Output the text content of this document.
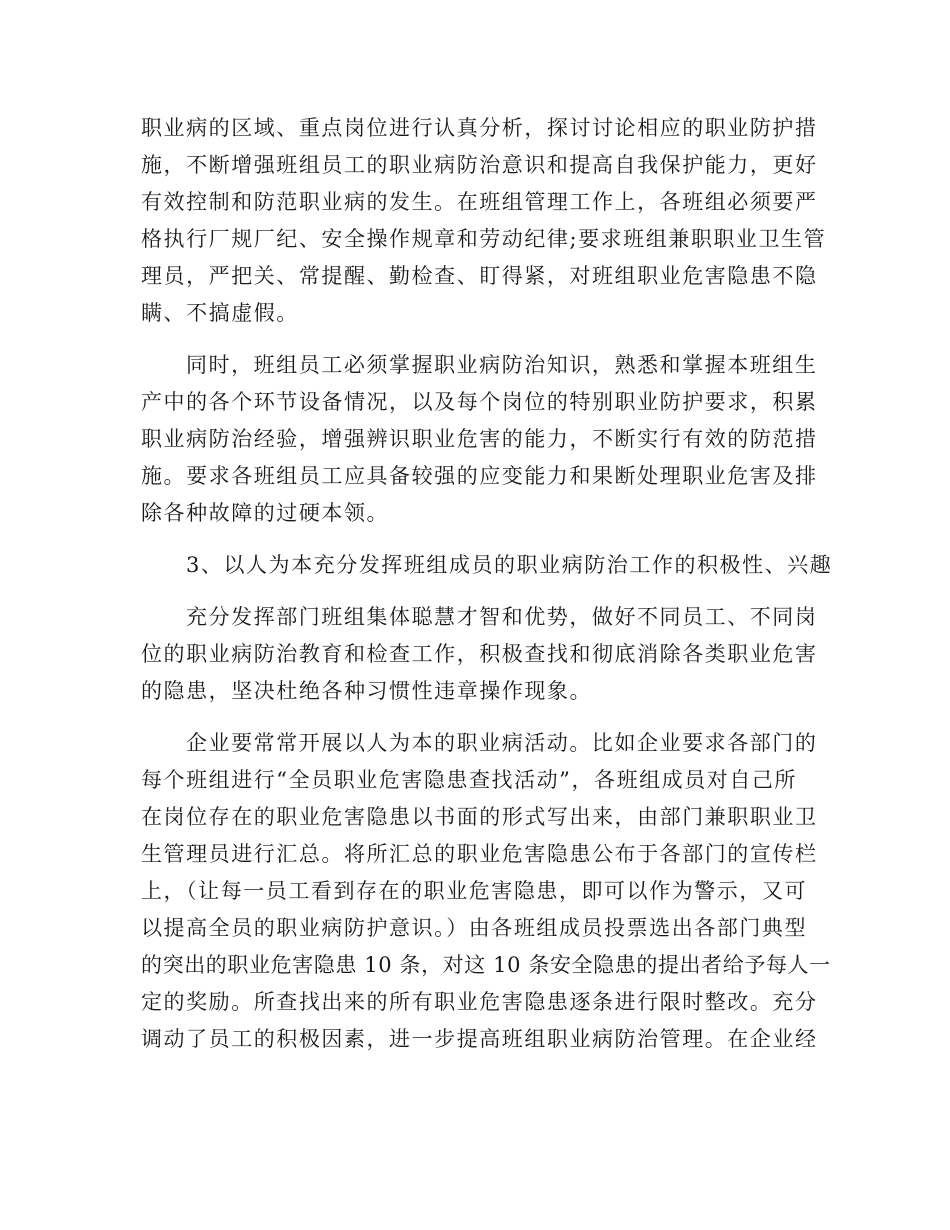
职业病的区域、重点岗位进行认真分析，探讨讨论相应的职业防护措
施，不断增强班组员工的职业病防治意识和提高自我保护能力，更好
有效控制和防范职业病的发生。在班组管理工作上，各班组必须要严
格执行厂规厂纪、安全操作规章和劳动纪律;要求班组兼职职业卫生管
理员，严把关、常提醒、勤检查、盯得紧，对班组职业危害隐患不隐
瞒、不搞虚假。
同时，班组员工必须掌握职业病防治知识，熟悉和掌握本班组生
产中的各个环节设备情况，以及每个岗位的特别职业防护要求，积累
职业病防治经验，增强辨识职业危害的能力，不断实行有效的防范措
施。要求各班组员工应具备较强的应变能力和果断处理职业危害及排
除各种故障的过硬本领。
3、以人为本充分发挥班组成员的职业病防治工作的积极性、兴趣
充分发挥部门班组集体聪慧才智和优势，做好不同员工、不同岗
位的职业病防治教育和检查工作，积极查找和彻底消除各类职业危害
的隐患，坚决杜绝各种习惯性违章操作现象。
企业要常常开展以人为本的职业病活动。比如企业要求各部门的
每个班组进行“全员职业危害隐患查找活动”，各班组成员对自己所
在岗位存在的职业危害隐患以书面的形式写出来，由部门兼职职业卫
生管理员进行汇总。将所汇总的职业危害隐患公布于各部门的宣传栏
上，（让每一员工看到存在的职业危害隐患，即可以作为警示，又可
以提高全员的职业病防护意识。）由各班组成员投票选出各部门典型
的突出的职业危害隐患 10 条，对这 10 条安全隐患的提出者给予每人一
定的奖励。所查找出来的所有职业危害隐患逐条进行限时整改。充分
调动了员工的积极因素，进一步提高班组职业病防治管理。在企业经
